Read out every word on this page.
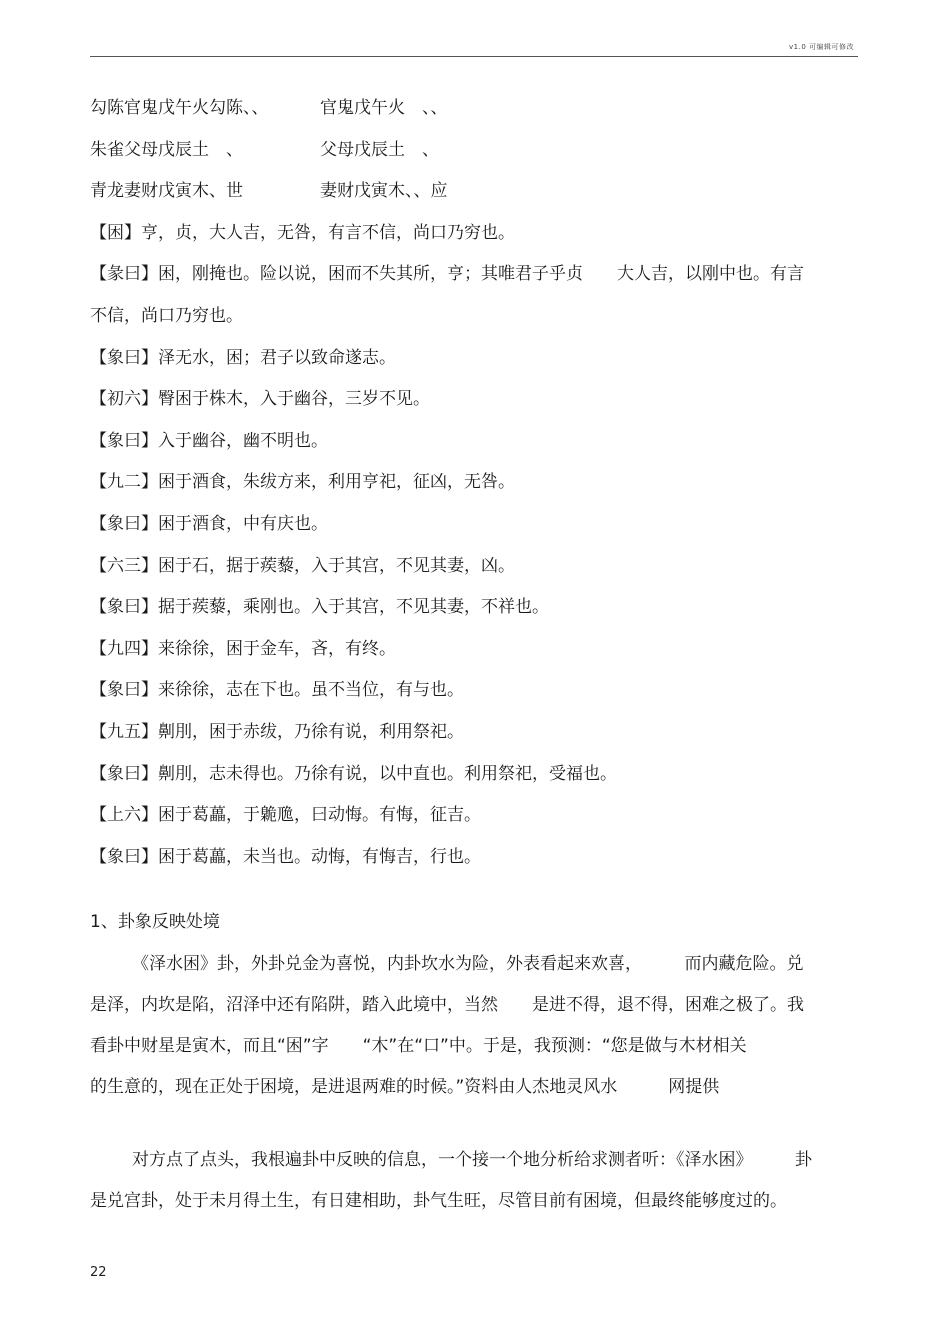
v1.0 可编辑可修改
勾陈官鬼戊午火勾陈、、	官鬼戊午火　、、
朱雀父母戊辰土　、	父母戊辰土　、
青龙妻财戊寅木、世	妻财戊寅木、、应
【困】亨，贞，大人吉，无咎，有言不信，尚口乃穷也。
【彖曰】困，刚掩也。险以说，困而不失其所，亨；其唯君子乎贞　　大人吉，以刚中也。有言
不信，尚口乃穷也。
【象曰】泽无水，困；君子以致命遂志。
【初六】臀困于株木，入于幽谷，三岁不见。
【象曰】入于幽谷，幽不明也。
【九二】困于酒食，朱绂方来，利用亨祀，征凶，无咎。
【象曰】困于酒食，中有庆也。
【六三】困于石，据于蒺藜，入于其宫，不见其妻，凶。
【象曰】据于蒺藜，乘刚也。入于其宫，不见其妻，不祥也。
【九四】来徐徐，困于金车，吝，有终。
【象曰】来徐徐，志在下也。虽不当位，有与也。
【九五】劓刖，困于赤绂，乃徐有说，利用祭祀。
【象曰】劓刖，志未得也。乃徐有说，以中直也。利用祭祀，受福也。
【上六】困于葛藟，于臲卼，曰动悔。有悔，征吉。
【象曰】困于葛藟，未当也。动悔，有悔吉，行也。
1、卦象反映处境
《泽水困》卦，外卦兑金为喜悦，内卦坎水为险，外表看起来欢喜，　　　而内藏危险。兑
是泽，内坎是陷，沼泽中还有陷阱，踏入此境中，当然　　是进不得，退不得，困难之极了。我
看卦中财星是寅木，而且“困”字　　“木”在“口”中。于是，我预测：“您是做与木材相关
的生意的，现在正处于困境，是进退两难的时候。”资料由人杰地灵风水　　　网提供
对方点了点头，我根遍卦中反映的信息，一个接一个地分析给求测者听：《泽水困》　　　卦
是兑宫卦，处于未月得土生，有日建相助，卦气生旺，尽管目前有困境，但最终能够度过的。
22
